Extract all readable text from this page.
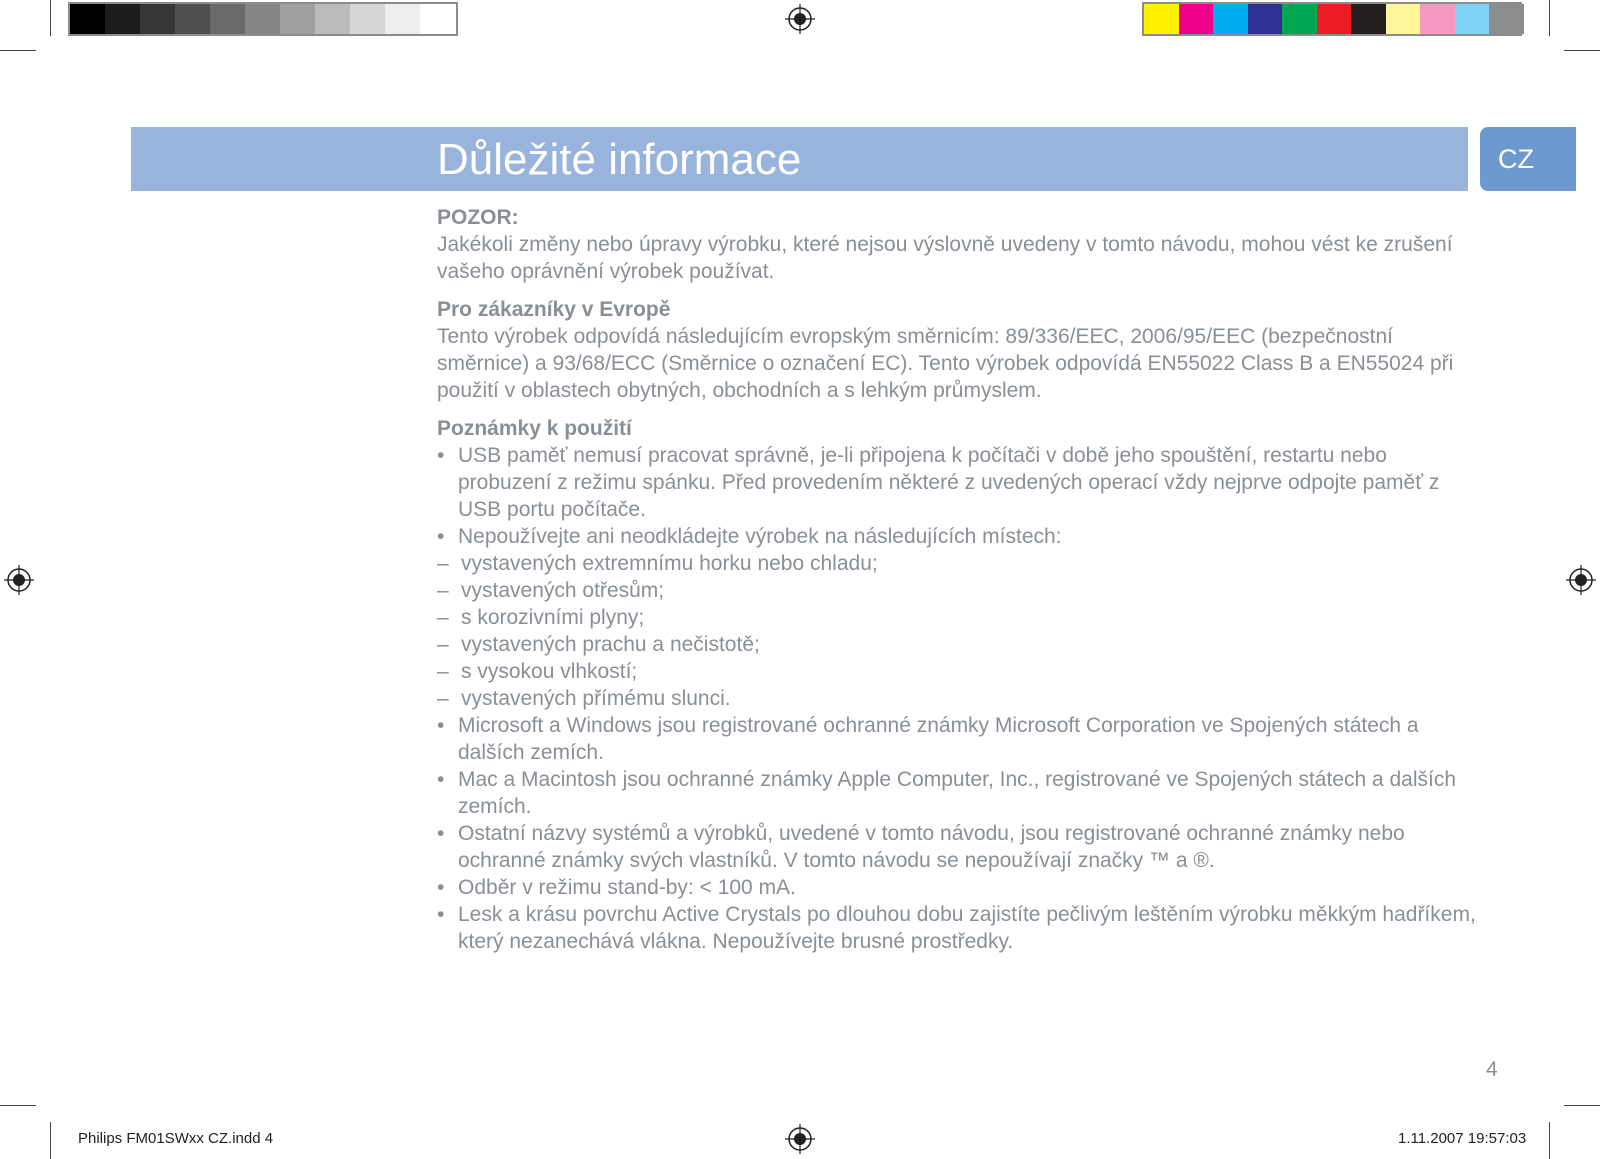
Důležité informace	CZ
POZOR:
Jakékoli změny nebo úpravy výrobku, které nejsou výslovně uvedeny v tomto návodu, mohou vést ke zrušení vašeho oprávnění výrobek používat.
Pro zákazníky v Evropě
Tento výrobek odpovídá následujícím evropským směrnicím: 89/336/EEC, 2006/95/EEC (bezpečnostní směrnice) a 93/68/ECC (Směrnice o označení EC). Tento výrobek odpovídá EN55022 Class B a EN55024 při použití v oblastech obytných, obchodních a s lehkým průmyslem.
Poznámky k použití
• USB paměť nemusí pracovat správně, je-li připojena k počítači v době jeho spouštění, restartu nebo probuzení z režimu spánku. Před provedením některé z uvedených operací vždy nejprve odpojte paměť z USB portu počítače.
• Nepoužívejte ani neodkládejte výrobek na následujících místech:
– vystavených extremnímu horku nebo chladu;
– vystavených otřesům;
– s korozivními plyny;
– vystavených prachu a nečistotě;
– s vysokou vlhkostí;
– vystavených přímému slunci.
• Microsoft a Windows jsou registrované ochranné známky Microsoft Corporation ve Spojených státech a dalších zemích.
• Mac a Macintosh jsou ochranné známky Apple Computer, Inc., registrované ve Spojených státech a dalších zemích.
• Ostatní názvy systémů a výrobků, uvedené v tomto návodu, jsou registrované ochranné známky nebo ochranné známky svých vlastníků. V tomto návodu se nepoužívají značky ™ a ®.
• Odběr v režimu stand-by: < 100 mA.
• Lesk a krásu povrchu Active Crystals po dlouhou dobu zajistíte pečlivým leštěním výrobku měkkým hadříkem, který nezanechává vlákna. Nepoužívejte brusné prostředky.
4
Philips FM01SWxx CZ.indd 4	1.11.2007 19:57:03
